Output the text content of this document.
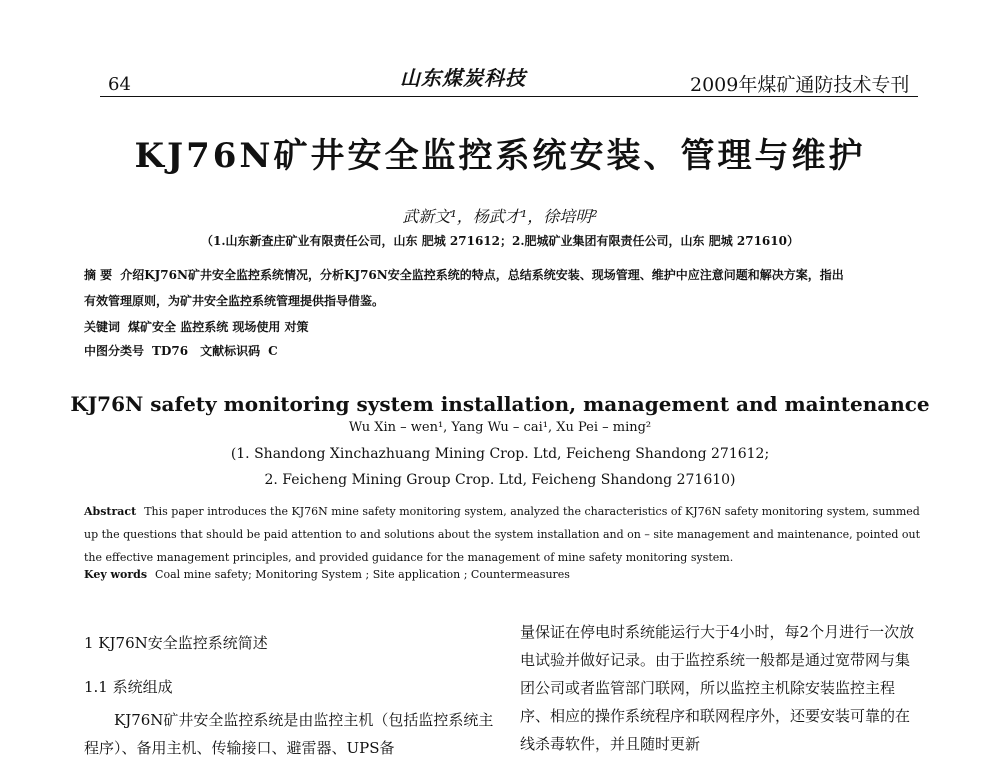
64	山东煤炭科技	2009年煤矿通防技术专刊
KJ76N矿井安全监控系统安装、管理与维护
武新文¹，杨武才¹，徐培明²
（1.山东新查庄矿业有限责任公司，山东 肥城 271612；2.肥城矿业集团有限责任公司，山东 肥城 271610）
摘 要 介绍KJ76N矿井安全监控系统情况，分析KJ76N安全监控系统的特点，总结系统安装、现场管理、维护中应注意问题和解决方案，指出
有效管理原则，为矿井安全监控系统管理提供指导借鉴。
关键词 煤矿安全 监控系统 现场使用 对策
中图分类号 TD76 文献标识码 C
KJ76N safety monitoring system installation, management and maintenance
Wu Xin – wen¹, Yang Wu – cai¹, Xu Pei – ming²
(1. Shandong Xinchazhuang Mining Crop. Ltd, Feicheng Shandong 271612;
2. Feicheng Mining Group Crop. Ltd, Feicheng Shandong 271610)
Abstract This paper introduces the KJ76N mine safety monitoring system, analyzed the characteristics of KJ76N safety monitoring system, summed up the questions that should be paid attention to and solutions about the system installation and on – site management and maintenance, pointed out the effective management principles, and provided guidance for the management of mine safety monitoring system.
Key words Coal mine safety; Monitoring System ; Site application ; Countermeasures
1 KJ76N安全监控系统简述
1.1 系统组成

KJ76N矿井安全监控系统是由监控主机（包括监控系统主程序）、备用主机、传输接口、避雷器、UPS备

量保证在停电时系统能运行大于4小时，每2个月进行一次放电试验并做好记录。由于监控系统一般都是通过宽带网与集团公司或者监管部门联网，所以监控主机除安装监控主程序、相应的操作系统程序和联网程序外，还要安装可靠的在线杀毒软件，并且随时更新
